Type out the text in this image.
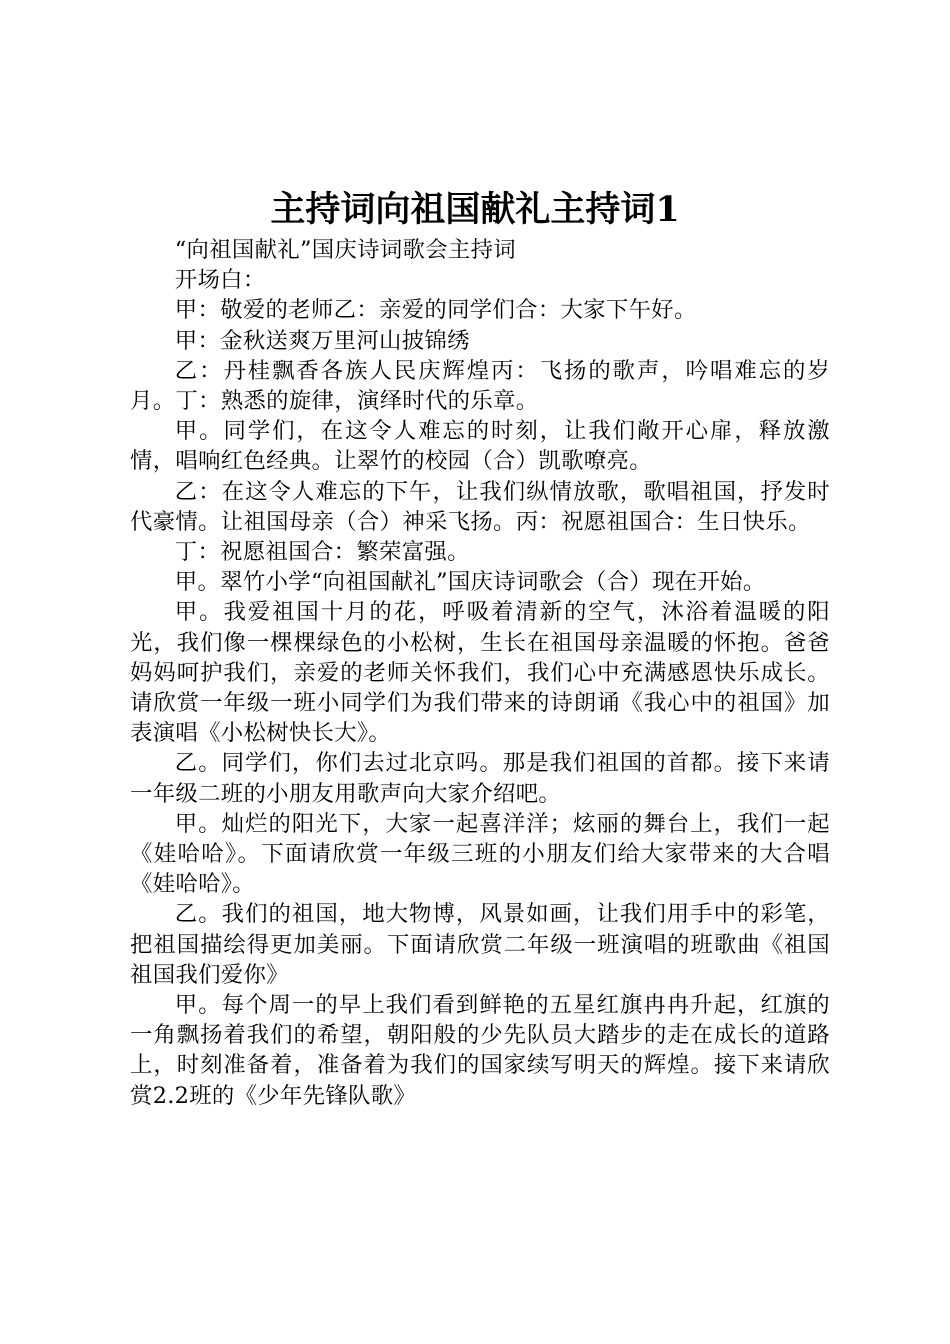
主持词向祖国献礼主持词1

“向祖国献礼”国庆诗词歌会主持词

开场白：

甲：敬爱的老师乙：亲爱的同学们合：大家下午好。

甲：金秋送爽万里河山披锦绣

乙：丹桂飘香各族人民庆辉煌丙：飞扬的歌声，吟唱难忘的岁月。丁：熟悉的旋律，演绎时代的乐章。

甲。同学们，在这令人难忘的时刻，让我们敞开心扉，释放激情，唱响红色经典。让翠竹的校园（合）凯歌嘹亮。

乙：在这令人难忘的下午，让我们纵情放歌，歌唱祖国，抒发时代豪情。让祖国母亲（合）神采飞扬。丙：祝愿祖国合：生日快乐。

丁：祝愿祖国合：繁荣富强。

甲。翠竹小学“向祖国献礼”国庆诗词歌会（合）现在开始。

甲。我爱祖国十月的花，呼吸着清新的空气，沐浴着温暖的阳光，我们像一棵棵绿色的小松树，生长在祖国母亲温暖的怀抱。爸爸妈妈呵护我们，亲爱的老师关怀我们，我们心中充满感恩快乐成长。请欣赏一年级一班小同学们为我们带来的诗朗诵《我心中的祖国》加表演唱《小松树快长大》。

乙。同学们，你们去过北京吗。那是我们祖国的首都。接下来请一年级二班的小朋友用歌声向大家介绍吧。

甲。灿烂的阳光下，大家一起喜洋洋；炫丽的舞台上，我们一起《娃哈哈》。下面请欣赏一年级三班的小朋友们给大家带来的大合唱《娃哈哈》。

乙。我们的祖国，地大物博，风景如画，让我们用手中的彩笔，把祖国描绘得更加美丽。下面请欣赏二年级一班演唱的班歌曲《祖国祖国我们爱你》

甲。每个周一的早上我们看到鲜艳的五星红旗冉冉升起，红旗的一角飘扬着我们的希望，朝阳般的少先队员大踏步的走在成长的道路上，时刻准备着，准备着为我们的国家续写明天的辉煌。接下来请欣赏2.2班的《少年先锋队歌》
